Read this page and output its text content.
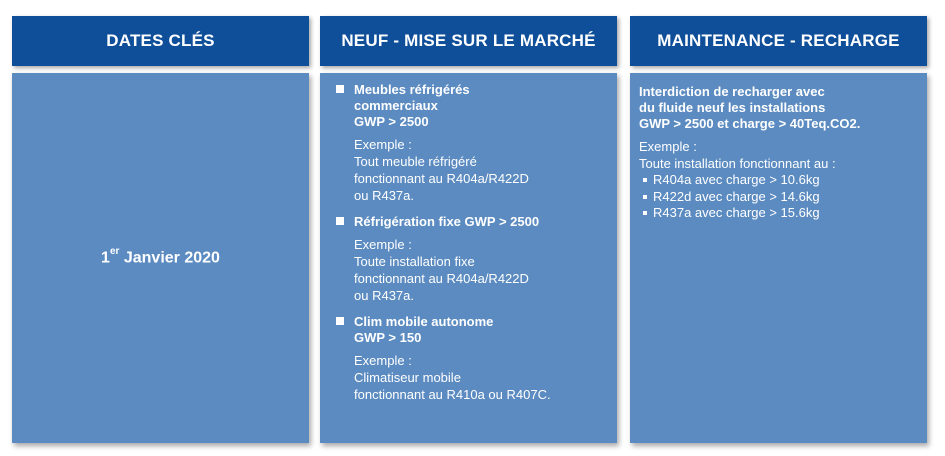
DATES CLÉS	NEUF - MISE SUR LE MARCHÉ	MAINTENANCE - RECHARGE
1er Janvier 2020
Meubles réfrigérés
commerciaux
GWP > 2500
Exemple :
Tout meuble réfrigéré
fonctionnant au R404a/R422D
ou R437a.
Réfrigération fixe GWP > 2500
Exemple :
Toute installation fixe
fonctionnant au R404a/R422D
ou R437a.
Clim mobile autonome
GWP > 150
Exemple :
Climatiseur mobile
fonctionnant au R410a ou R407C.
Interdiction de recharger avec
du fluide neuf les installations
GWP > 2500 et charge > 40Teq.CO2.
Exemple :
Toute installation fonctionnant au :
R404a avec charge > 10.6kg
R422d avec charge > 14.6kg
R437a avec charge > 15.6kg
